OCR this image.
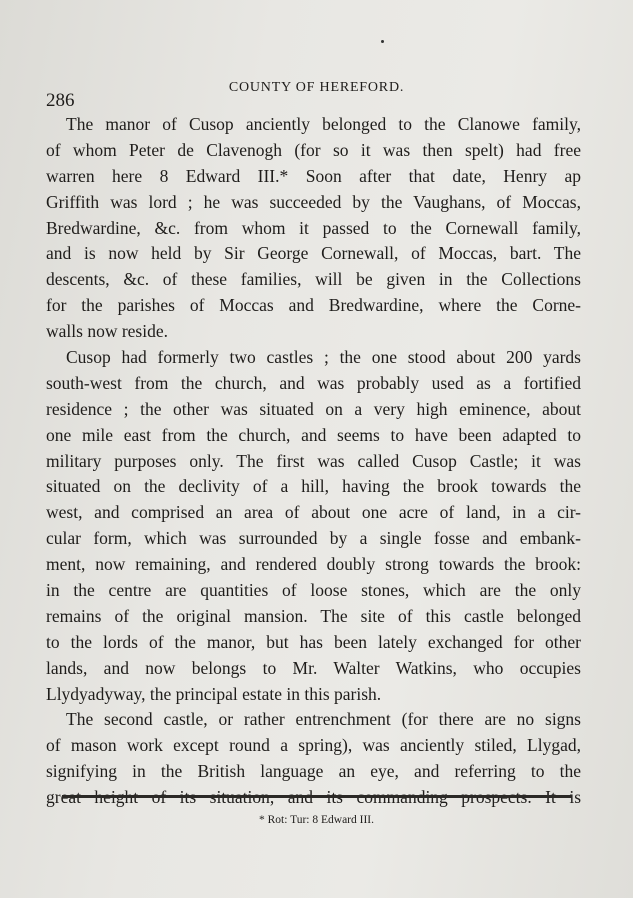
286
COUNTY OF HEREFORD.
The manor of Cusop anciently belonged to the Clanowe family,
of whom Peter de Clavenogh (for so it was then spelt) had free
warren here 8 Edward III.* Soon after that date, Henry ap
Griffith was lord ; he was succeeded by the Vaughans, of Moccas,
Bredwardine, &c. from whom it passed to the Cornewall family,
and is now held by Sir George Cornewall, of Moccas, bart. The
descents, &c. of these families, will be given in the Collections
for the parishes of Moccas and Bredwardine, where the Corne-
walls now reside.
Cusop had formerly two castles ; the one stood about 200 yards
south-west from the church, and was probably used as a fortified
residence ; the other was situated on a very high eminence, about
one mile east from the church, and seems to have been adapted to
military purposes only. The first was called Cusop Castle; it was
situated on the declivity of a hill, having the brook towards the
west, and comprised an area of about one acre of land, in a cir-
cular form, which was surrounded by a single fosse and embank-
ment, now remaining, and rendered doubly strong towards the brook:
in the centre are quantities of loose stones, which are the only
remains of the original mansion. The site of this castle belonged
to the lords of the manor, but has been lately exchanged for other
lands, and now belongs to Mr. Walter Watkins, who occupies
Llydyadyway, the principal estate in this parish.
The second castle, or rather entrenchment (for there are no signs
of mason work except round a spring), was anciently stiled, Llygad,
signifying in the British language an eye, and referring to the
great height of its situation, and its commanding prospects. It is
* Rot: Tur: 8 Edward III.
